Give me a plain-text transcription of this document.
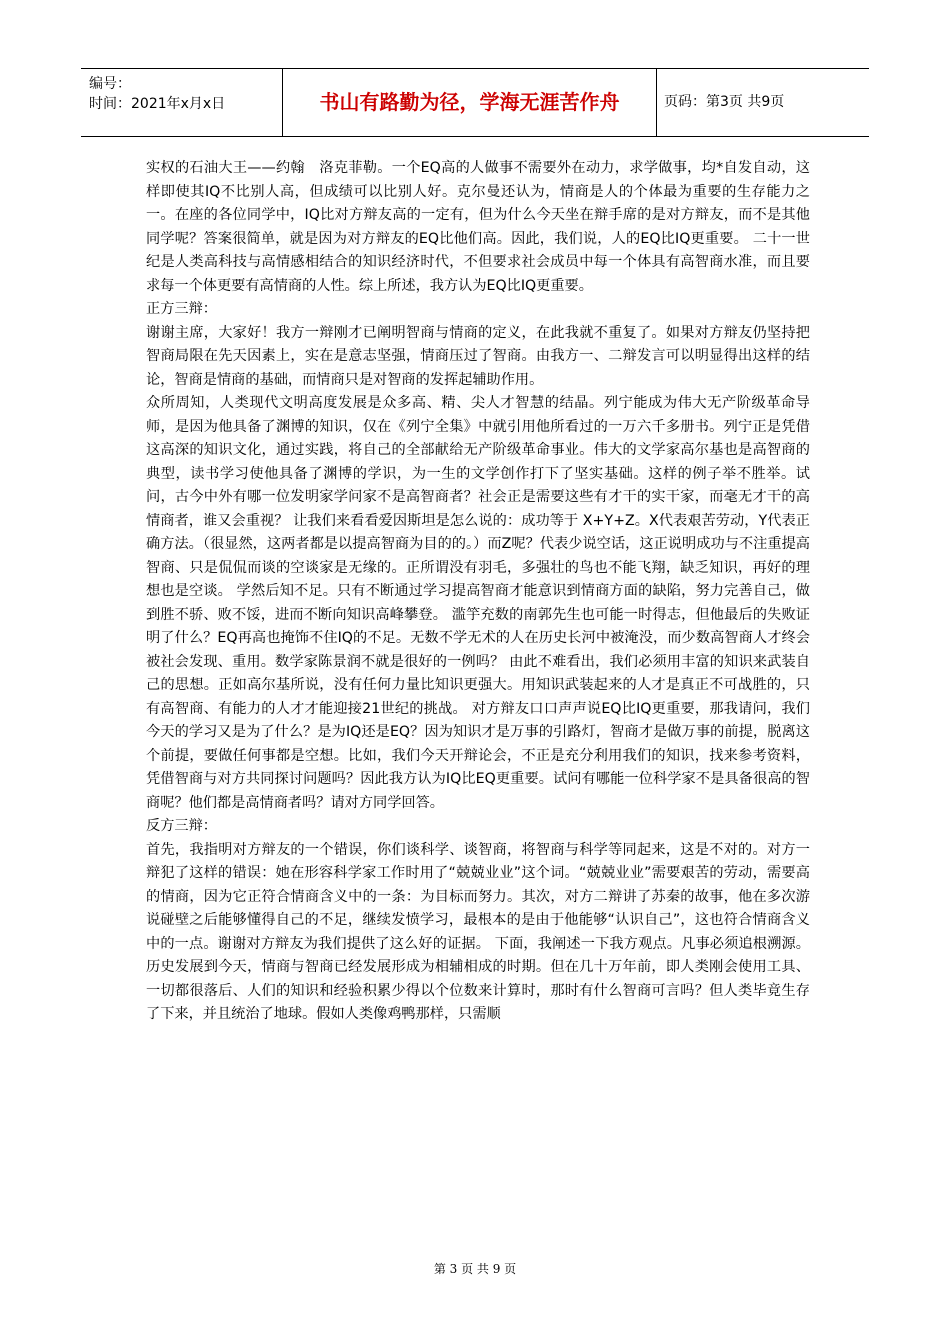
编号：
时间：2021年x月x日	书山有路勤为径，学海无涯苦作舟	页码：第3页 共9页

实权的石油大王——约翰　洛克菲勒。一个EQ高的人做事不需要外在动力，求学做事，均*自发自动，这样即使其IQ不比别人高，但成绩可以比别人好。克尔曼还认为，情商是人的个体最为重要的生存能力之一。在座的各位同学中，IQ比对方辩友高的一定有，但为什么今天坐在辩手席的是对方辩友，而不是其他同学呢？答案很简单，就是因为对方辩友的EQ比他们高。因此，我们说，人的EQ比IQ更重要。 二十一世纪是人类高科技与高情感相结合的知识经济时代，不但要求社会成员中每一个体具有高智商水准，而且要求每一个体更要有高情商的人性。综上所述，我方认为EQ比IQ更重要。

正方三辩：

谢谢主席，大家好！我方一辩刚才已阐明智商与情商的定义，在此我就不重复了。如果对方辩友仍坚持把智商局限在先天因素上，实在是意志坚强，情商压过了智商。由我方一、二辩发言可以明显得出这样的结论，智商是情商的基础，而情商只是对智商的发挥起辅助作用。

众所周知，人类现代文明高度发展是众多高、精、尖人才智慧的结晶。列宁能成为伟大无产阶级革命导师，是因为他具备了渊博的知识，仅在《列宁全集》中就引用他所看过的一万六千多册书。列宁正是凭借这高深的知识文化，通过实践，将自己的全部献给无产阶级革命事业。伟大的文学家高尔基也是高智商的典型，读书学习使他具备了渊博的学识，为一生的文学创作打下了坚实基础。这样的例子举不胜举。试问，古今中外有哪一位发明家学问家不是高智商者？社会正是需要这些有才干的实干家，而毫无才干的高情商者，谁又会重视？ 让我们来看看爱因斯坦是怎么说的：成功等于 X+Y+Z。X代表艰苦劳动，Y代表正确方法。（很显然，这两者都是以提高智商为目的的。）而Z呢？代表少说空话，这正说明成功与不注重提高智商、只是侃侃而谈的空谈家是无缘的。正所谓没有羽毛，多强壮的鸟也不能飞翔，缺乏知识，再好的理想也是空谈。 学然后知不足。只有不断通过学习提高智商才能意识到情商方面的缺陷，努力完善自己，做到胜不骄、败不馁，进而不断向知识高峰攀登。 滥竽充数的南郭先生也可能一时得志，但他最后的失败证明了什么？EQ再高也掩饰不住IQ的不足。无数不学无术的人在历史长河中被淹没，而少数高智商人才终会被社会发现、重用。数学家陈景润不就是很好的一例吗？ 由此不难看出，我们必须用丰富的知识来武装自己的思想。正如高尔基所说，没有任何力量比知识更强大。用知识武装起来的人才是真正不可战胜的，只有高智商、有能力的人才才能迎接21世纪的挑战。 对方辩友口口声声说EQ比IQ更重要，那我请问，我们今天的学习又是为了什么？是为IQ还是EQ？因为知识才是万事的引路灯，智商才是做万事的前提，脱离这个前提，要做任何事都是空想。比如，我们今天开辩论会，不正是充分利用我们的知识，找来参考资料，凭借智商与对方共同探讨问题吗？因此我方认为IQ比EQ更重要。试问有哪能一位科学家不是具备很高的智商呢？他们都是高情商者吗？请对方同学回答。

反方三辩：

首先，我指明对方辩友的一个错误，你们谈科学、谈智商，将智商与科学等同起来，这是不对的。对方一辩犯了这样的错误：她在形容科学家工作时用了“兢兢业业”这个词。“兢兢业业”需要艰苦的劳动，需要高的情商，因为它正符合情商含义中的一条：为目标而努力。其次，对方二辩讲了苏秦的故事，他在多次游说碰壁之后能够懂得自己的不足，继续发愤学习，最根本的是由于他能够“认识自己”，这也符合情商含义中的一点。谢谢对方辩友为我们提供了这么好的证据。 下面，我阐述一下我方观点。凡事必须追根溯源。历史发展到今天，情商与智商已经发展形成为相辅相成的时期。但在几十万年前，即人类刚会使用工具、一切都很落后、人们的知识和经验积累少得以个位数来计算时，那时有什么智商可言吗？但人类毕竟生存了下来，并且统治了地球。假如人类像鸡鸭那样，只需顺

第 3 页 共 9 页
